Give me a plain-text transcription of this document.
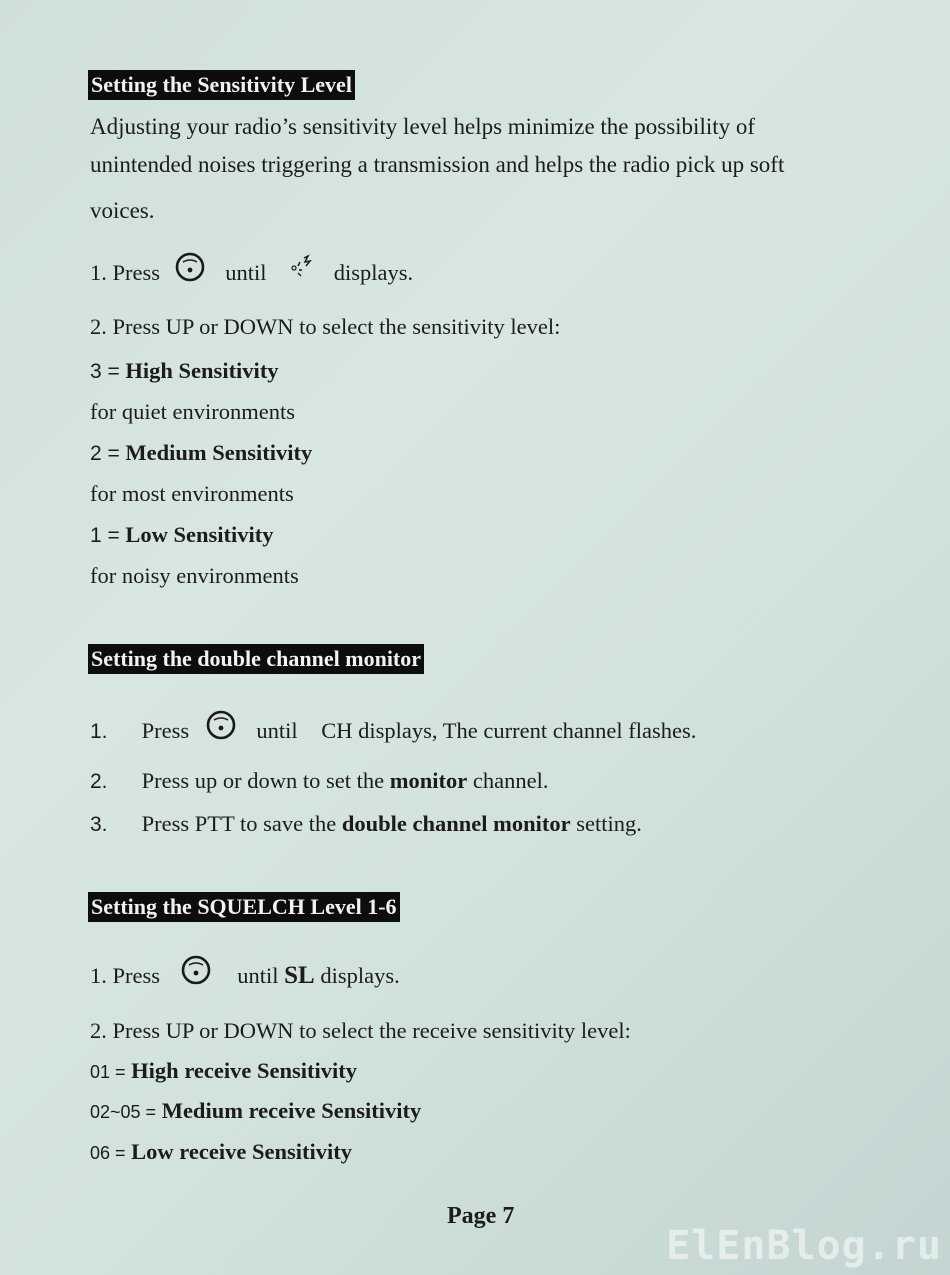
Setting the Sensitivity Level
Adjusting your radio’s sensitivity level helps minimize the possibility of
unintended noises triggering a transmission and helps the radio pick up soft
voices.
1. Press	until	displays.
2. Press UP or DOWN to select the sensitivity level:
3 = High Sensitivity
for quiet environments
2 = Medium Sensitivity
for most environments
1 = Low Sensitivity
for noisy environments
Setting the double channel monitor
1. Press	until CH displays, The current channel flashes.
2. Press up or down to set the monitor channel.
3. Press PTT to save the double channel monitor setting.
Setting the SQUELCH Level 1-6
1. Press	until SL displays.
2. Press UP or DOWN to select the receive sensitivity level:
01 = High receive Sensitivity
02~05 = Medium receive Sensitivity
06 = Low receive Sensitivity
Page 7
ElEnBlog.ru
